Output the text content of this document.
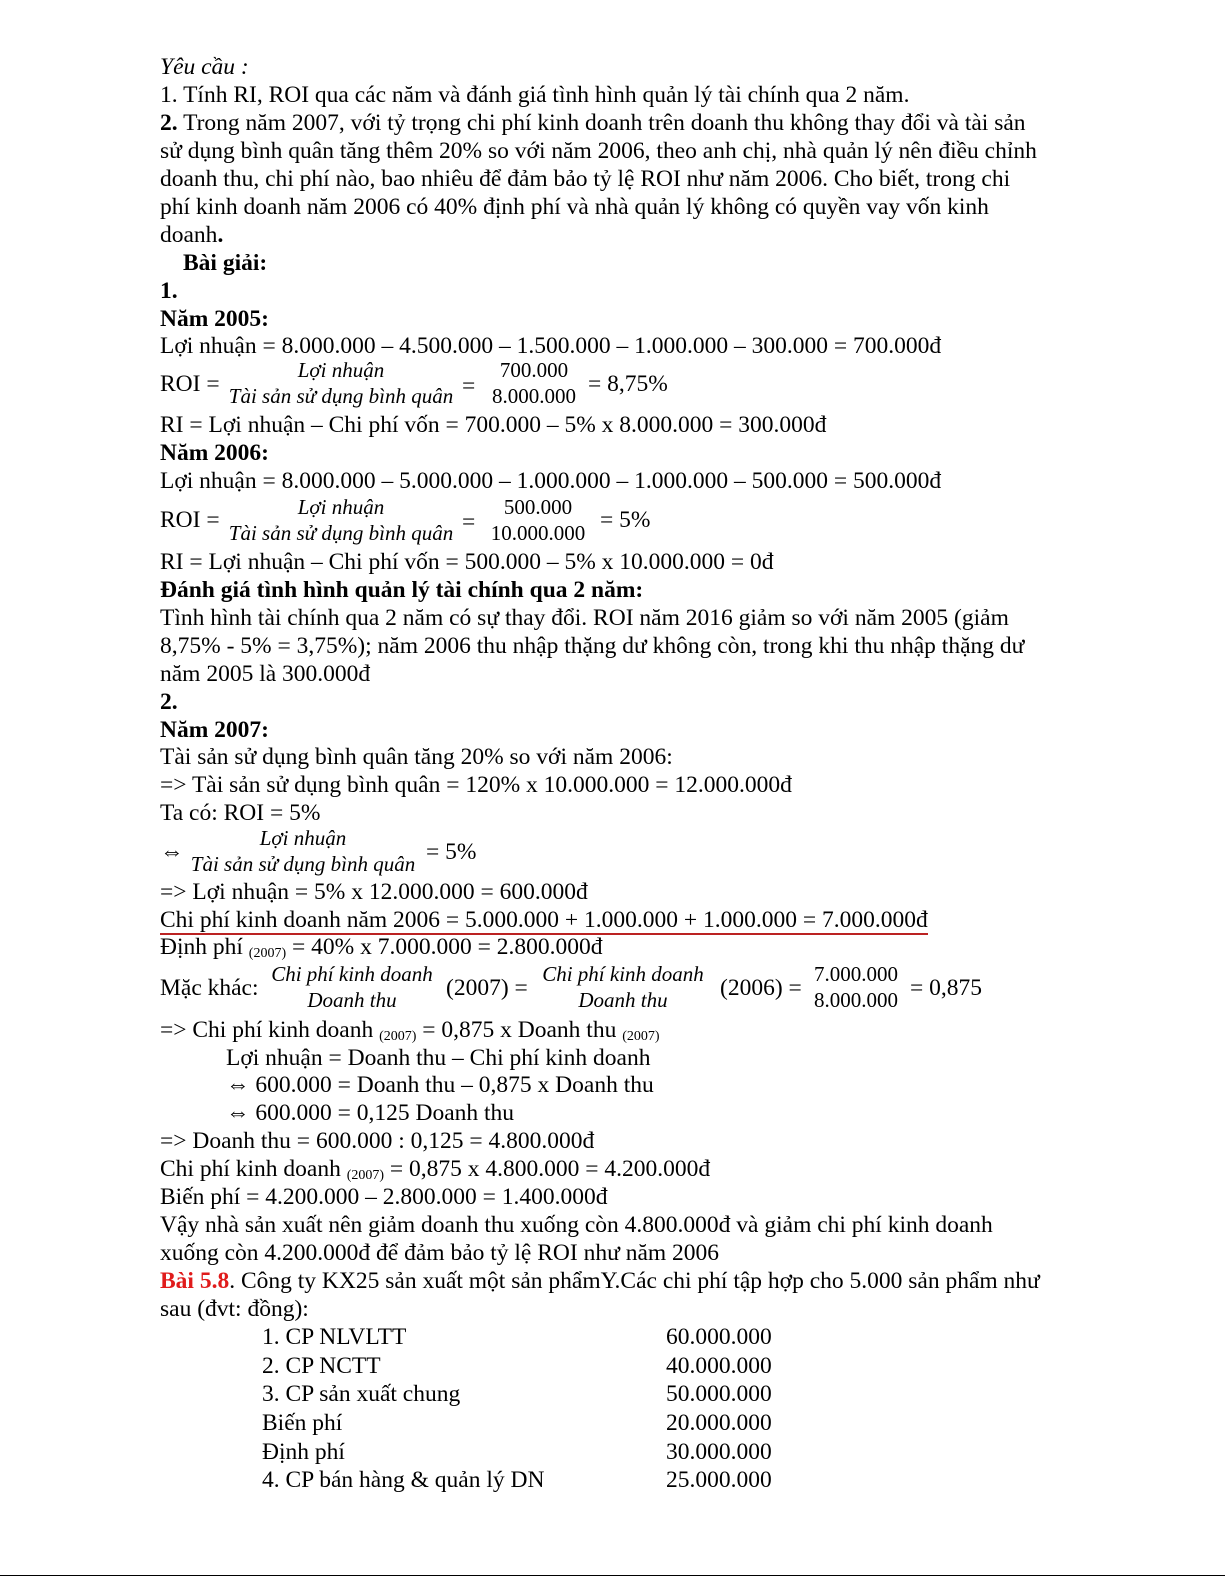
Yêu cầu :
1. Tính RI, ROI qua các năm và đánh giá tình hình quản lý tài chính qua 2 năm.
2. Trong năm 2007, với tỷ trọng chi phí kinh doanh trên doanh thu không thay đổi và tài sản
sử dụng bình quân tăng thêm 20% so với năm 2006, theo anh chị, nhà quản lý nên điều chỉnh
doanh thu, chi phí nào, bao nhiêu để đảm bảo tỷ lệ ROI như năm 2006. Cho biết, trong chi
phí kinh doanh năm 2006 có 40% định phí và nhà quản lý không có quyền vay vốn kinh
doanh.
Bài giải:
1.
Năm 2005:
Lợi nhuận = 8.000.000 – 4.500.000 – 1.500.000 – 1.000.000 – 300.000 = 700.000đ
ROI =
Lợi nhuận
Tài sản sử dụng bình quân =
700.000
8.000.000 = 8,75%
RI = Lợi nhuận – Chi phí vốn = 700.000 – 5% x 8.000.000 = 300.000đ
Năm 2006:
Lợi nhuận = 8.000.000 – 5.000.000 – 1.000.000 – 1.000.000 – 500.000 = 500.000đ
ROI =	Lợi nhuận
Tài sản sử dụng bình quân =
500.000
10.000.000 = 5%
RI = Lợi nhuận – Chi phí vốn = 500.000 – 5% x 10.000.000 = 0đ
Đánh giá tình hình quản lý tài chính qua 2 năm:
Tình hình tài chính qua 2 năm có sự thay đổi. ROI năm 2016 giảm so với năm 2005 (giảm
8,75% - 5% = 3,75%); năm 2006 thu nhập thặng dư không còn, trong khi thu nhập thặng dư
năm 2005 là 300.000đ
2.
Năm 2007:
Tài sản sử dụng bình quân tăng 20% so với năm 2006:
=> Tài sản sử dụng bình quân = 120% x 10.000.000 = 12.000.000đ
Ta có: ROI = 5%
⇔
Lợi nhuận
Tài sản sử dụng bình quân = 5%
=> Lợi nhuận = 5% x 12.000.000 = 600.000đ
Chi phí kinh doanh năm 2006 = 5.000.000 + 1.000.000 + 1.000.000 = 7.000.000đ
Định phí (2007) = 40% x 7.000.000 = 2.800.000đ
Mặc khác:
Chi phí kinh doanh
Doanh thu	(2007) =
Chi phí kinh doanh
Doanh thu	(2006) =
7.000.000
8.000.000 = 0,875
=> Chi phí kinh doanh (2007) = 0,875 x Doanh thu (2007)
Lợi nhuận = Doanh thu – Chi phí kinh doanh
⇔ 600.000 = Doanh thu – 0,875 x Doanh thu
⇔ 600.000 = 0,125 Doanh thu
=> Doanh thu = 600.000 : 0,125 = 4.800.000đ
Chi phí kinh doanh (2007) = 0,875 x 4.800.000 = 4.200.000đ
Biến phí = 4.200.000 – 2.800.000 = 1.400.000đ
Vậy nhà sản xuất nên giảm doanh thu xuống còn 4.800.000đ và giảm chi phí kinh doanh
xuống còn 4.200.000đ để đảm bảo tỷ lệ ROI như năm 2006
Bài 5.8. Công ty KX25 sản xuất một sản phẩmY.Các chi phí tập hợp cho 5.000 sản phẩm như
sau (đvt: đồng):
1. CP NLVLTT	60.000.000
2. CP NCTT	40.000.000
3. CP sản xuất chung	50.000.000
Biến phí	20.000.000
Định phí	30.000.000
4. CP bán hàng & quản lý DN	25.000.000
